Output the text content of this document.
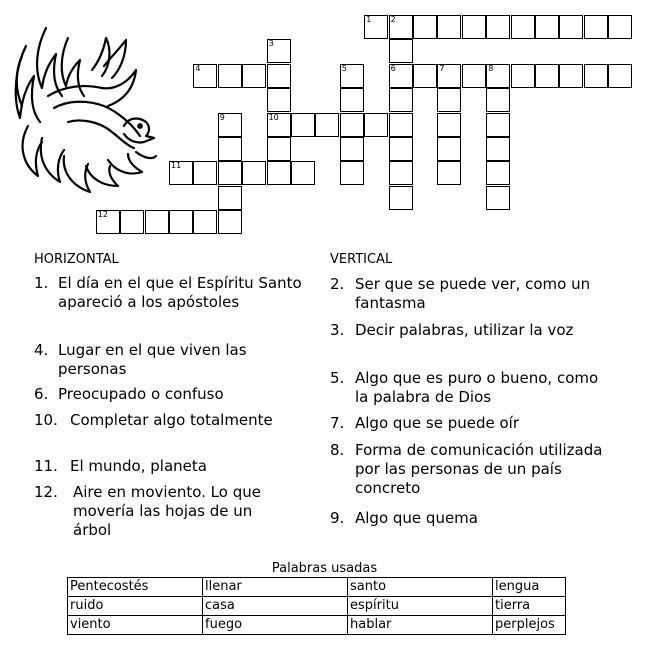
1 2
3
4	5	6	7	8
9	10
11
12
HORIZONTAL
1. El día en el que el Espíritu Santo apareció a los apóstoles
4. Lugar en el que viven las personas
6. Preocupado o confuso
10. Completar algo totalmente
11. El mundo, planeta
12. Aire en moviento. Lo que movería las hojas de un árbol
VERTICAL
2. Ser que se puede ver, como un fantasma
3. Decir palabras, utilizar la voz
5. Algo que es puro o bueno, como la palabra de Dios
7. Algo que se puede oír
8. Forma de comunicación utilizada por las personas de un país concreto
9. Algo que quema
Palabras usadas
Pentecostés	llenar	santo	lengua
ruido	casa	espíritu	tierra
viento	fuego	hablar	perplejos
